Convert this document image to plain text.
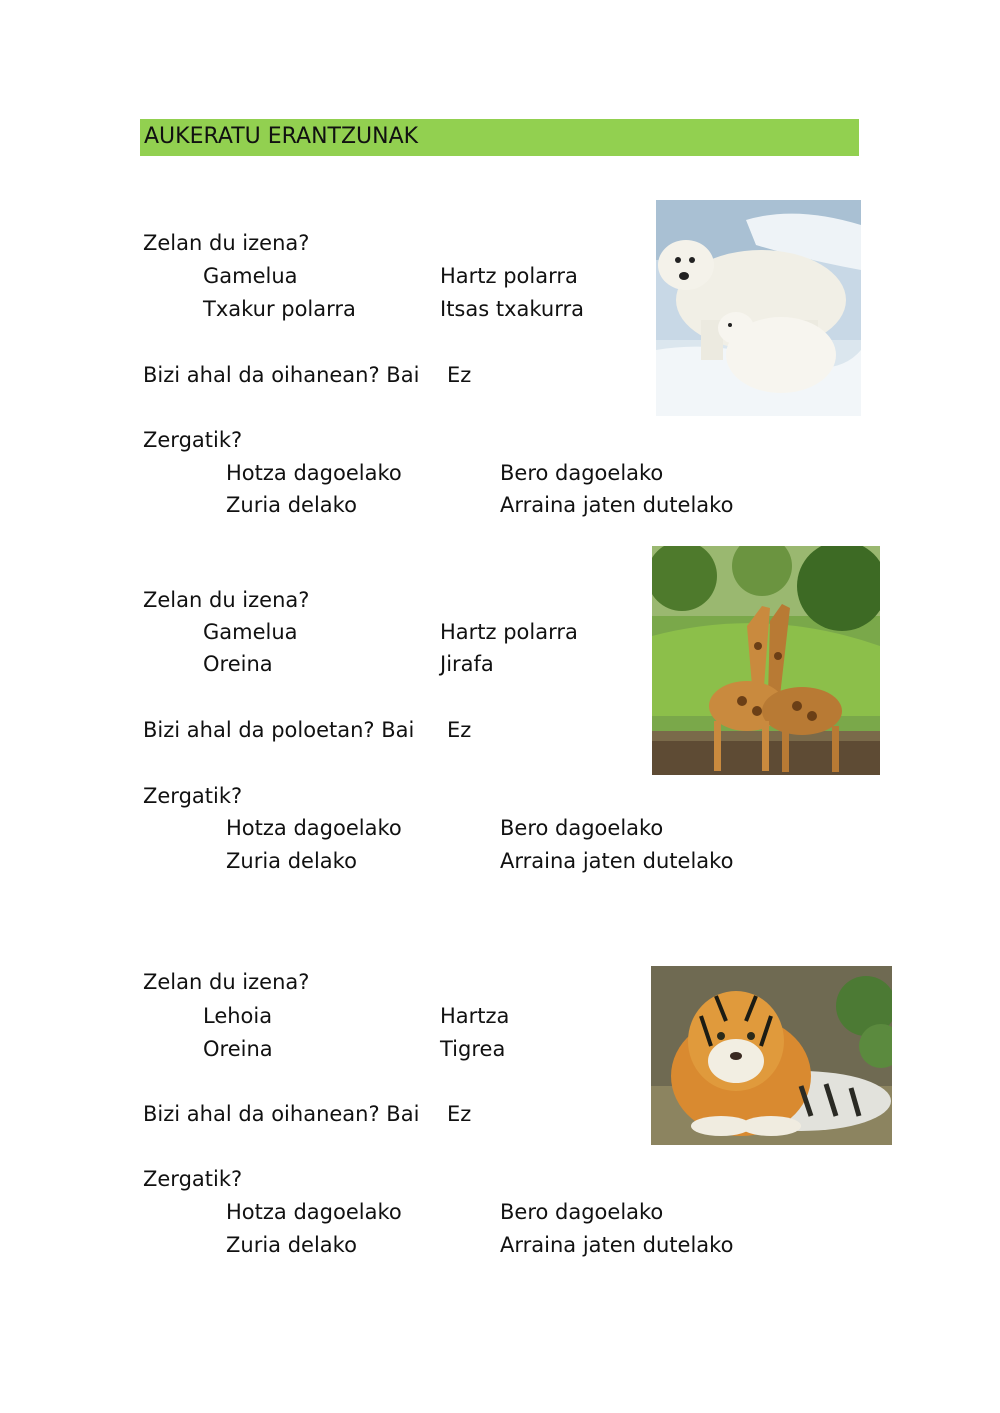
AUKERATU ERANTZUNAK
Zelan du izena?
Gamelua	Hartz polarra
Txakur polarra	Itsas txakurra
Bizi ahal da oihanean? Bai Ez
Zergatik?
Hotza dagoelako	Bero dagoelako
Zuria delako	Arraina jaten dutelako
Zelan du izena?
Gamelua	Hartz polarra
Oreina	Jirafa
Bizi ahal da poloetan? Bai Ez
Zergatik?
Hotza dagoelako	Bero dagoelako
Zuria delako	Arraina jaten dutelako
Zelan du izena?
Lehoia	Hartza
Oreina	Tigrea
Bizi ahal da oihanean? Bai Ez
Zergatik?
Hotza dagoelako	Bero dagoelako
Zuria delako	Arraina jaten dutelako
